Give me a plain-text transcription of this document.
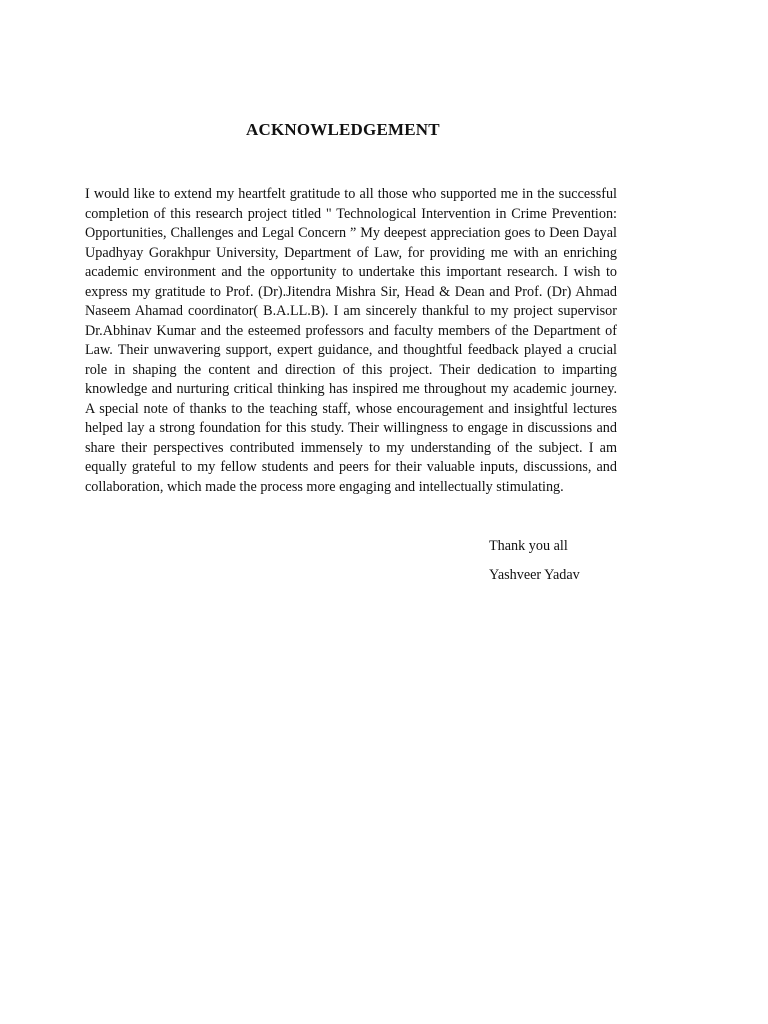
ACKNOWLEDGEMENT

I would like to extend my heartfelt gratitude to all those who supported me in the successful completion of this research project titled " Technological Intervention in Crime Prevention: Opportunities, Challenges and Legal Concern ” My deepest appreciation goes to Deen Dayal Upadhyay Gorakhpur University, Department of Law, for providing me with an enriching academic environment and the opportunity to undertake this important research. I wish to express my gratitude to Prof. (Dr).Jitendra Mishra Sir, Head & Dean and Prof. (Dr) Ahmad Naseem Ahamad coordinator( B.A.LL.B). I am sincerely thankful to my project supervisor Dr.Abhinav Kumar and the esteemed professors and faculty members of the Department of Law. Their unwavering support, expert guidance, and thoughtful feedback played a crucial role in shaping the content and direction of this project. Their dedication to imparting knowledge and nurturing critical thinking has inspired me throughout my academic journey. A special note of thanks to the teaching staff, whose encouragement and insightful lectures helped lay a strong foundation for this study. Their willingness to engage in discussions and share their perspectives contributed immensely to my understanding of the subject. I am equally grateful to my fellow students and peers for their valuable inputs, discussions, and collaboration, which made the process more engaging and intellectually stimulating.

Thank you all

Yashveer Yadav
